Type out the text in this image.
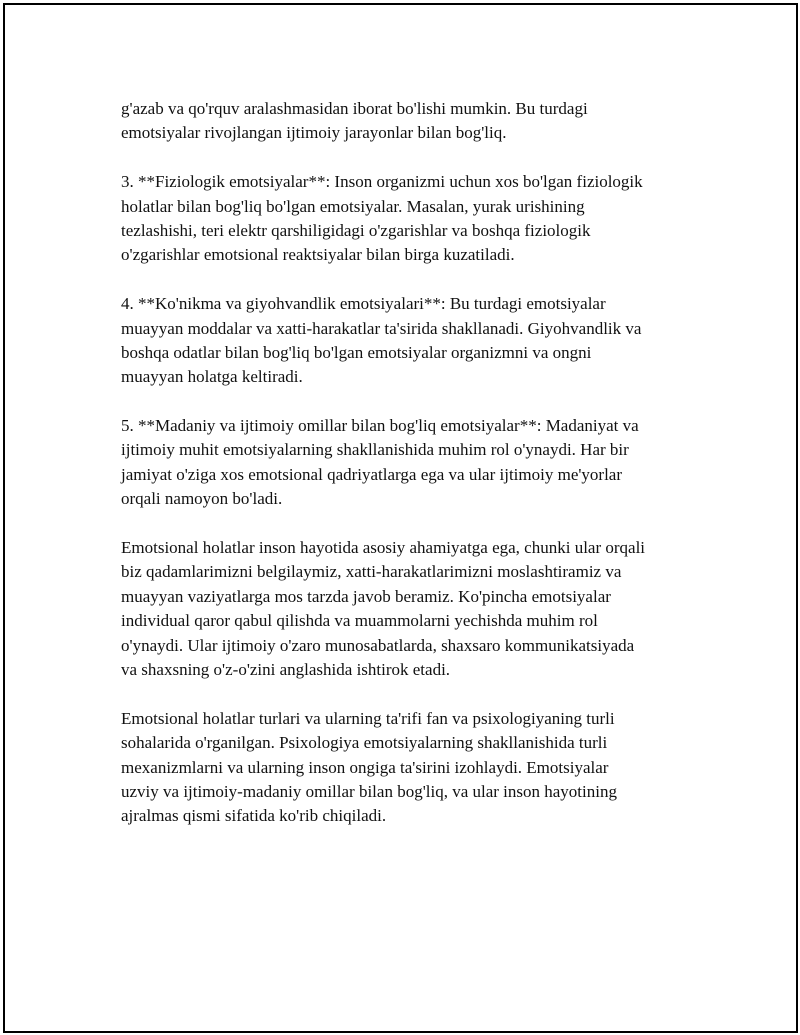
g'azab va qo'rquv aralashmasidan iborat bo'lishi mumkin. Bu turdagi
emotsiyalar rivojlangan ijtimoiy jarayonlar bilan bog'liq.

3. **Fiziologik emotsiyalar**: Inson organizmi uchun xos bo'lgan fiziologik
holatlar bilan bog'liq bo'lgan emotsiyalar. Masalan, yurak urishining
tezlashishi, teri elektr qarshiligidagi o'zgarishlar va boshqa fiziologik
o'zgarishlar emotsional reaktsiyalar bilan birga kuzatiladi.

4. **Ko'nikma va giyohvandlik emotsiyalari**: Bu turdagi emotsiyalar
muayyan moddalar va xatti-harakatlar ta'sirida shakllanadi. Giyohvandlik va
boshqa odatlar bilan bog'liq bo'lgan emotsiyalar organizmni va ongni
muayyan holatga keltiradi.

5. **Madaniy va ijtimoiy omillar bilan bog'liq emotsiyalar**: Madaniyat va
ijtimoiy muhit emotsiyalarning shakllanishida muhim rol o'ynaydi. Har bir
jamiyat o'ziga xos emotsional qadriyatlarga ega va ular ijtimoiy me'yorlar
orqali namoyon bo'ladi.

Emotsional holatlar inson hayotida asosiy ahamiyatga ega, chunki ular orqali
biz qadamlarimizni belgilaymiz, xatti-harakatlarimizni moslashtiramiz va
muayyan vaziyatlarga mos tarzda javob beramiz. Ko'pincha emotsiyalar
individual qaror qabul qilishda va muammolarni yechishda muhim rol
o'ynaydi. Ular ijtimoiy o'zaro munosabatlarda, shaxsaro kommunikatsiyada
va shaxsning o'z-o'zini anglashida ishtirok etadi.

Emotsional holatlar turlari va ularning ta'rifi fan va psixologiyaning turli
sohalarida o'rganilgan. Psixologiya emotsiyalarning shakllanishida turli
mexanizmlarni va ularning inson ongiga ta'sirini izohlaydi. Emotsiyalar
uzviy va ijtimoiy-madaniy omillar bilan bog'liq, va ular inson hayotining
ajralmas qismi sifatida ko'rib chiqiladi.
